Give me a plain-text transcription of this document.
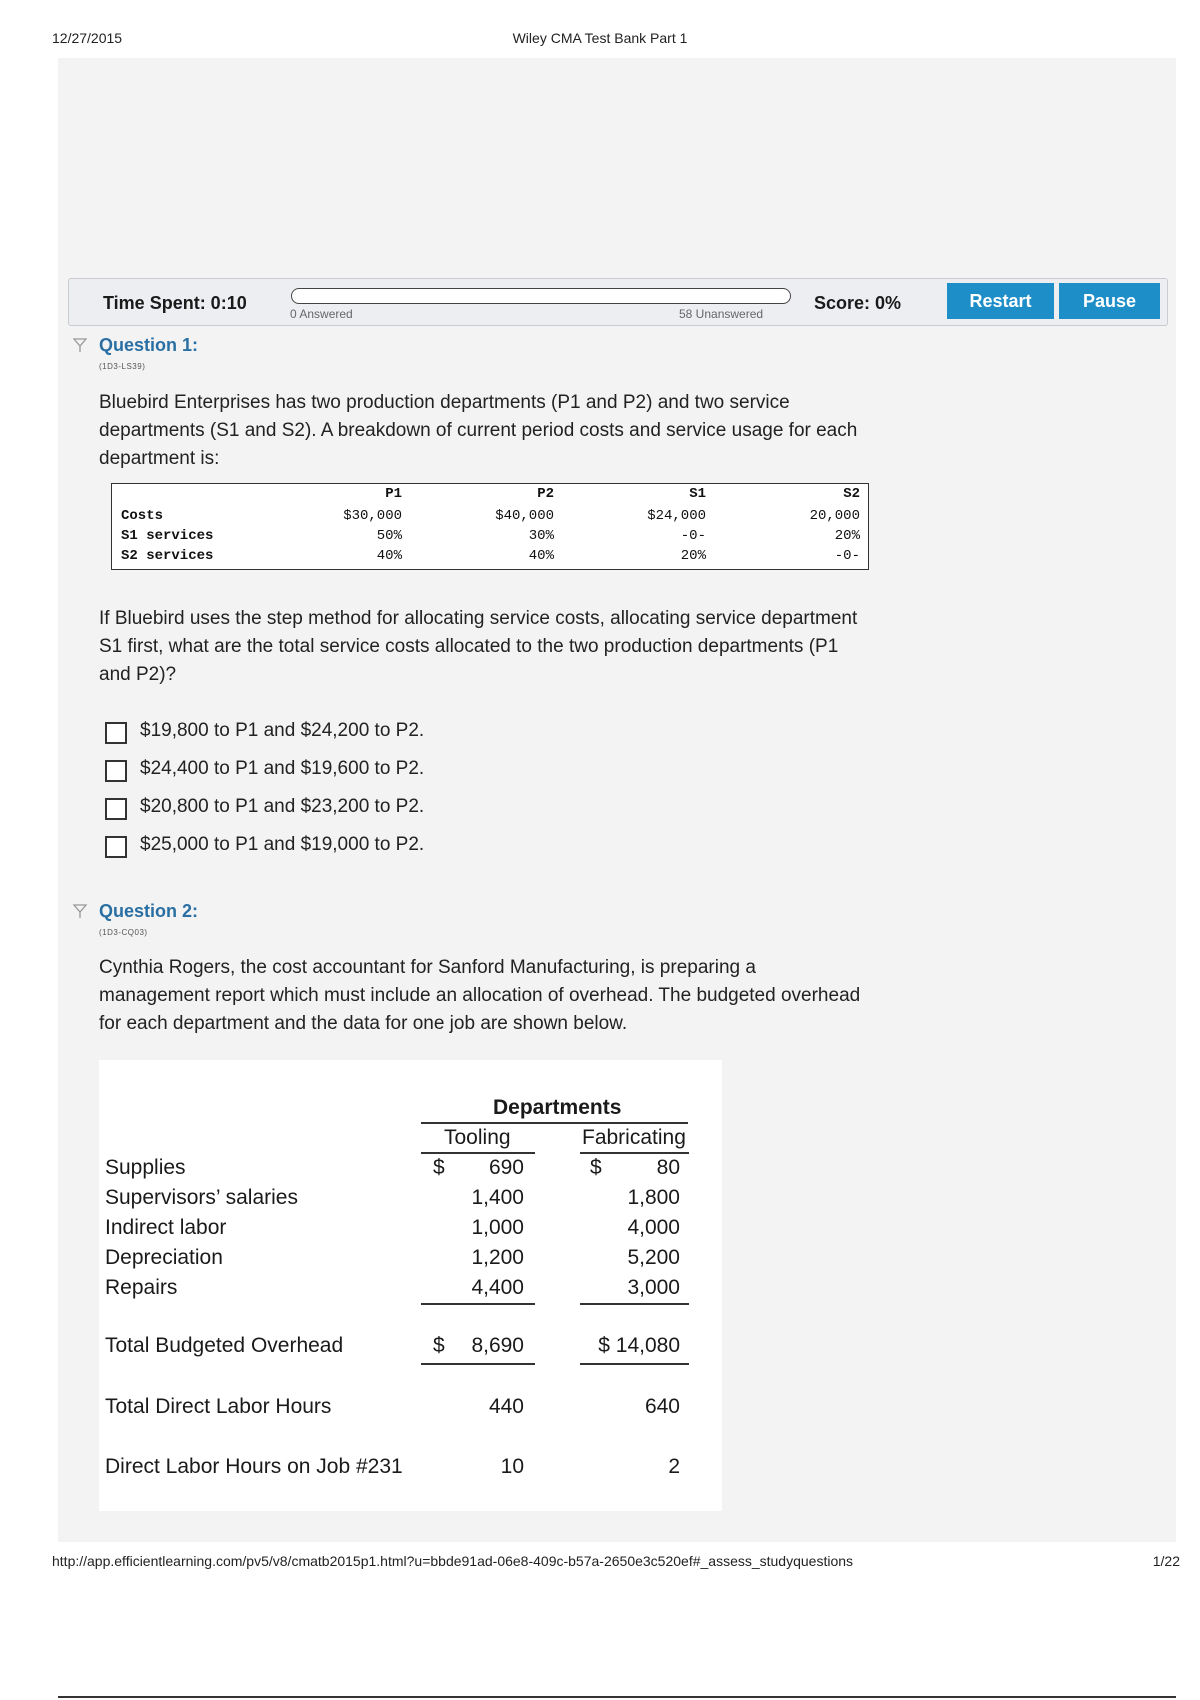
12/27/2015	Wiley CMA Test Bank Part 1
Time Spent: 0:10
0 Answered	58 Unanswered
Score: 0%	Restart	Pause
Question 1:
(1D3-LS39)

Bluebird Enterprises has two production departments (P1 and P2) and two service departments (S1 and S2). A breakdown of current period costs and service usage for each department is:

P1	P2	S1	S2
Costs	$30,000	$40,000	$24,000	20,000
S1 services	50%	30%	-0-	20%
S2 services	40%	40%	20%	-0-

If Bluebird uses the step method for allocating service costs, allocating service department S1 first, what are the total service costs allocated to the two production departments (P1 and P2)?

$19,800 to P1 and $24,200 to P2.
$24,400 to P1 and $19,600 to P2.
$20,800 to P1 and $23,200 to P2.
$25,000 to P1 and $19,000 to P2.
Question 2:
(1D3-CQ03)

Cynthia Rogers, the cost accountant for Sanford Manufacturing, is preparing a management report which must include an allocation of overhead. The budgeted overhead for each department and the data for one job are shown below.

Departments
Tooling	Fabricating
Supplies	$ 690	$	80
Supervisors’ salaries	1,400	1,800
Indirect labor	1,000	4,000
Depreciation	1,200	5,200
Repairs	4,400	3,000
Total Budgeted Overhead	$ 8,690	$ 14,080
Total Direct Labor Hours	440	640
Direct Labor Hours on Job #231	10	2
http://app.efficientlearning.com/pv5/v8/cmatb2015p1.html?u=bbde91ad-06e8-409c-b57a-2650e3c520ef#_assess_studyquestions	1/22
